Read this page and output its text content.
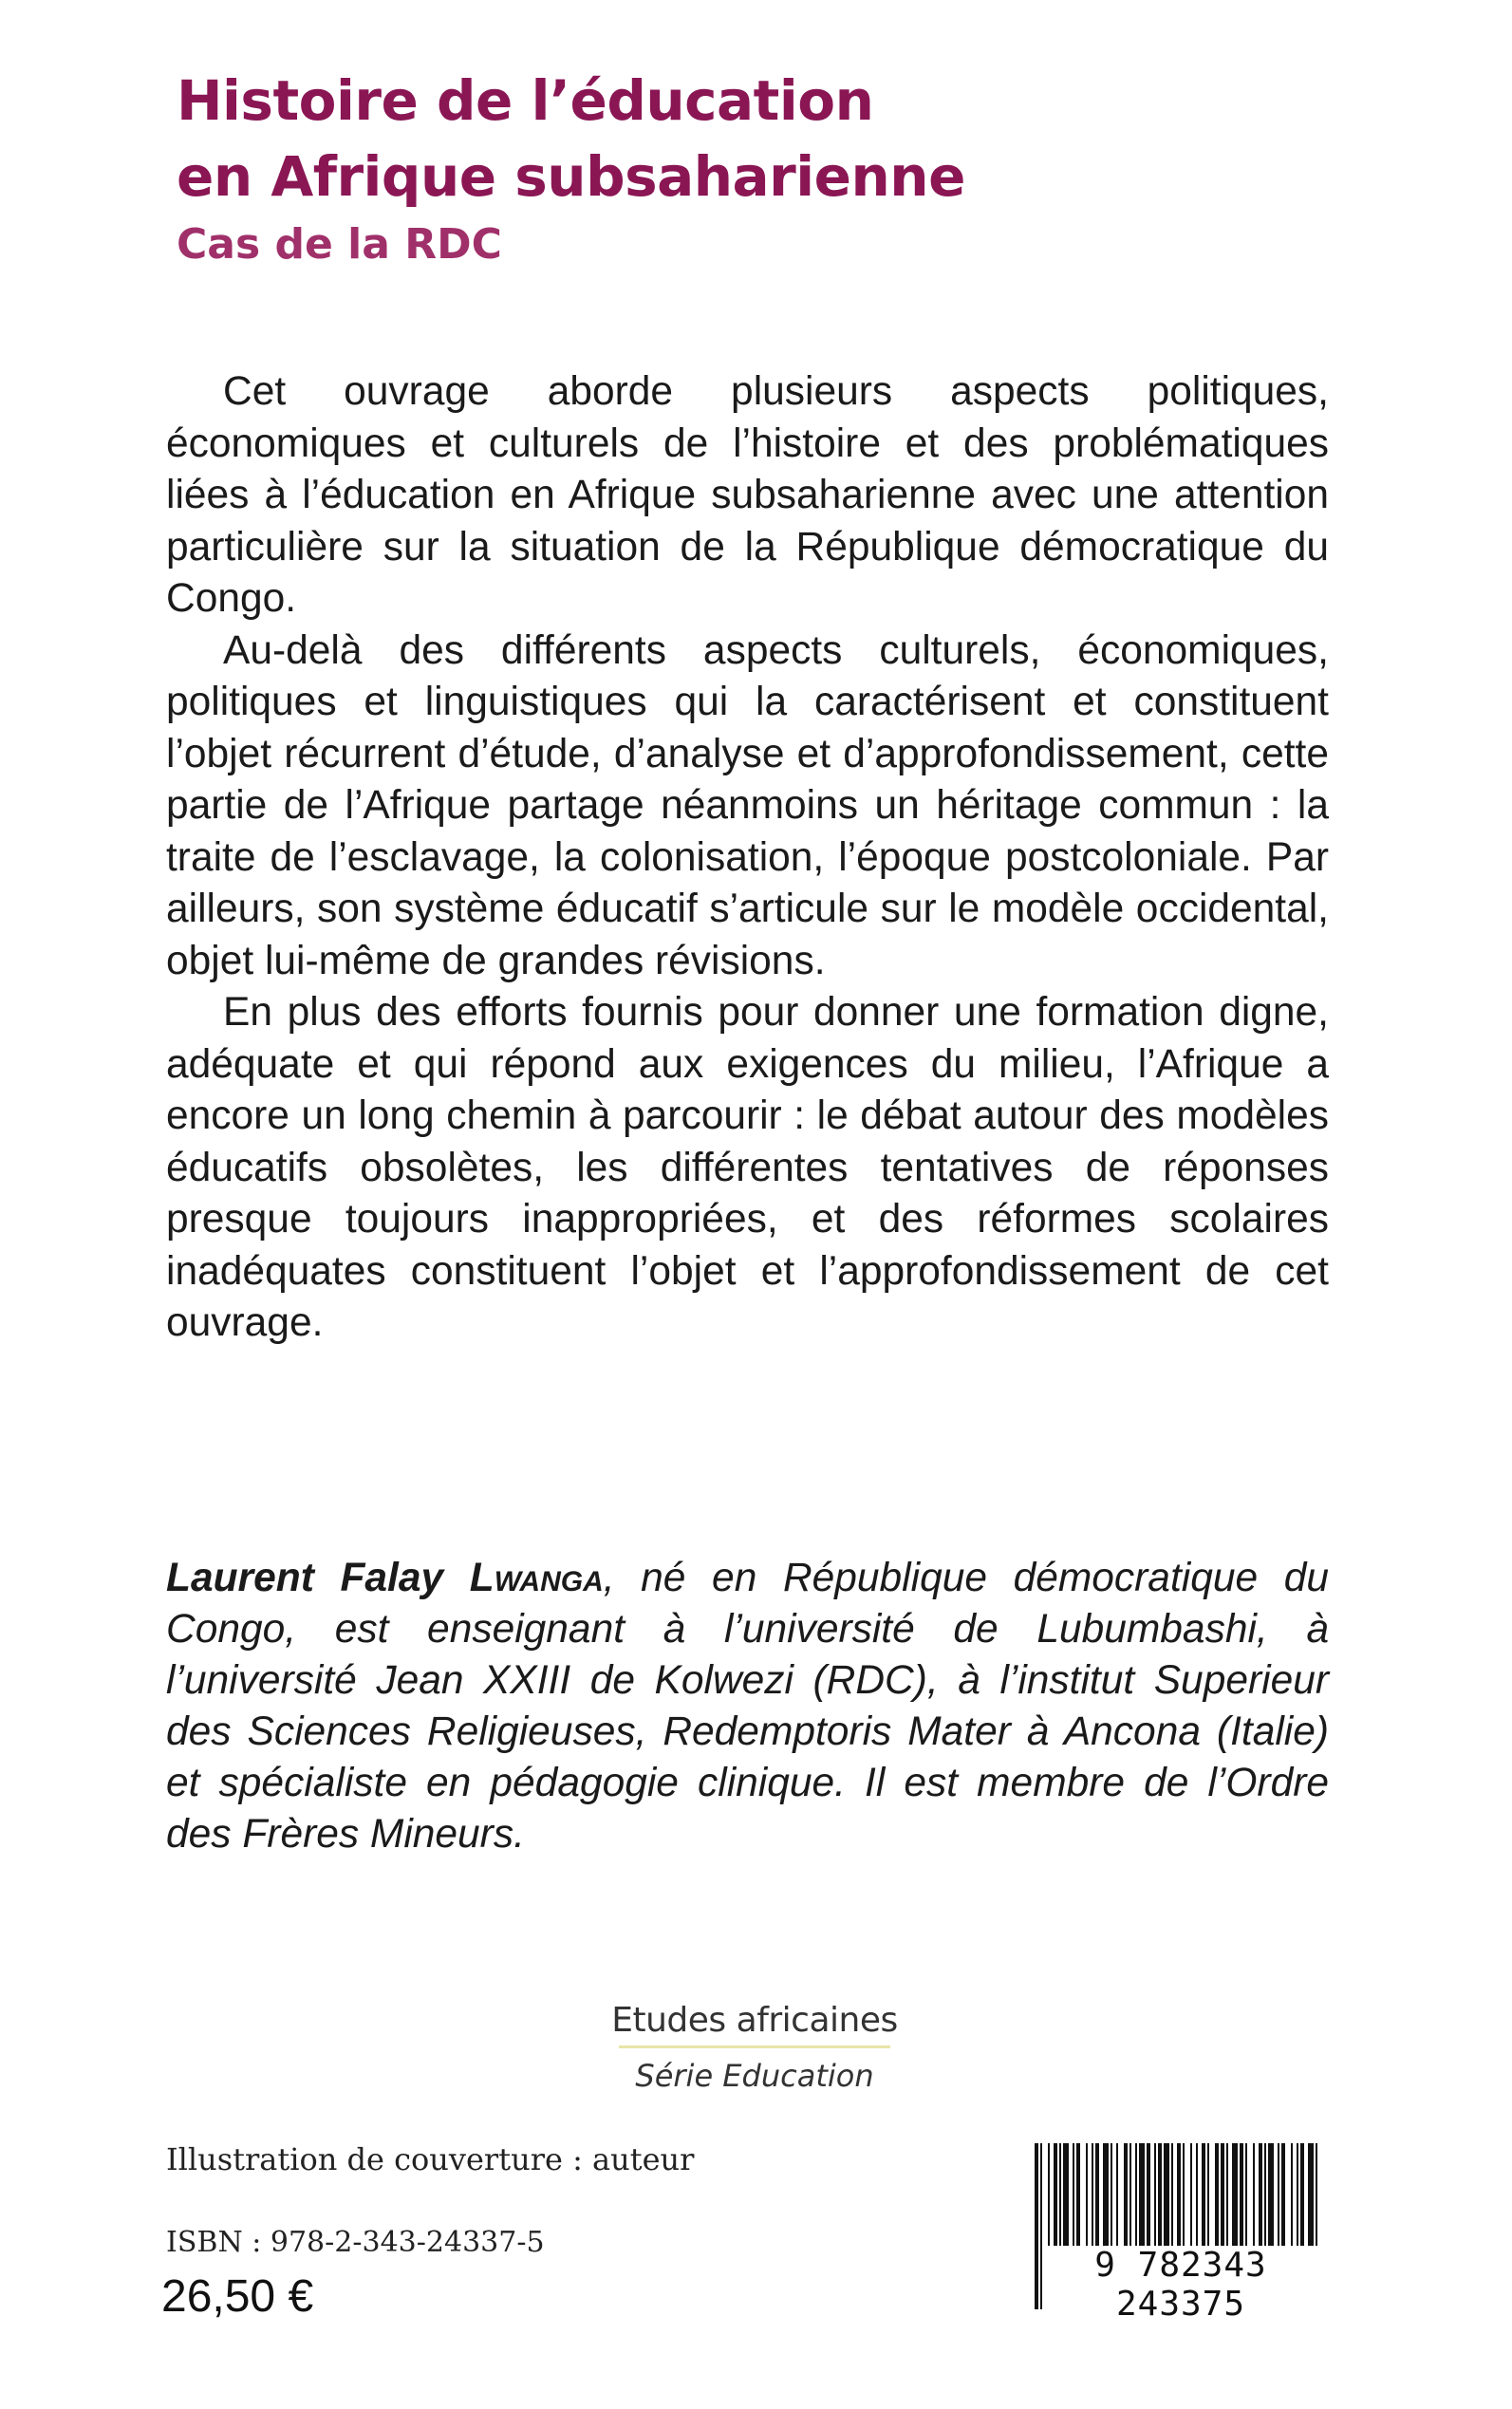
Histoire de l’éducation
en Afrique subsaharienne
Cas de la RDC

Cet ouvrage aborde plusieurs aspects politiques, économiques et culturels de l’histoire et des problématiques liées à l’éducation en Afrique subsaharienne avec une attention particulière sur la situation de la République démocratique du Congo.

Au-delà des différents aspects culturels, économiques, politiques et linguistiques qui la caractérisent et constituent l’objet récurrent d’étude, d’analyse et d’approfondissement, cette partie de l’Afrique partage néanmoins un héritage commun : la traite de l’esclavage, la colonisation, l’époque postcoloniale. Par ailleurs, son système éducatif s’articule sur le modèle occidental, objet lui-même de grandes révisions.

En plus des efforts fournis pour donner une formation digne, adéquate et qui répond aux exigences du milieu, l’Afrique a encore un long chemin à parcourir : le débat autour des modèles éducatifs obsolètes, les différentes tentatives de réponses presque toujours inappropriées, et des réformes scolaires inadéquates constituent l’objet et l’approfondissement de cet ouvrage.

Laurent Falay Lwanga, né en République démocratique du Congo, est enseignant à l’université de Lubumbashi, à l’université Jean XXIII de Kolwezi (RDC), à l’institut Superieur des Sciences Religieuses, Redemptoris Mater à Ancona (Italie) et spécialiste en pédagogie clinique. Il est membre de l’Ordre des Frères Mineurs.

Etudes africaines
Série Education
Illustration de couverture : auteur
ISBN : 978-2-343-24337-5
26,50 €
9 782343 243375
